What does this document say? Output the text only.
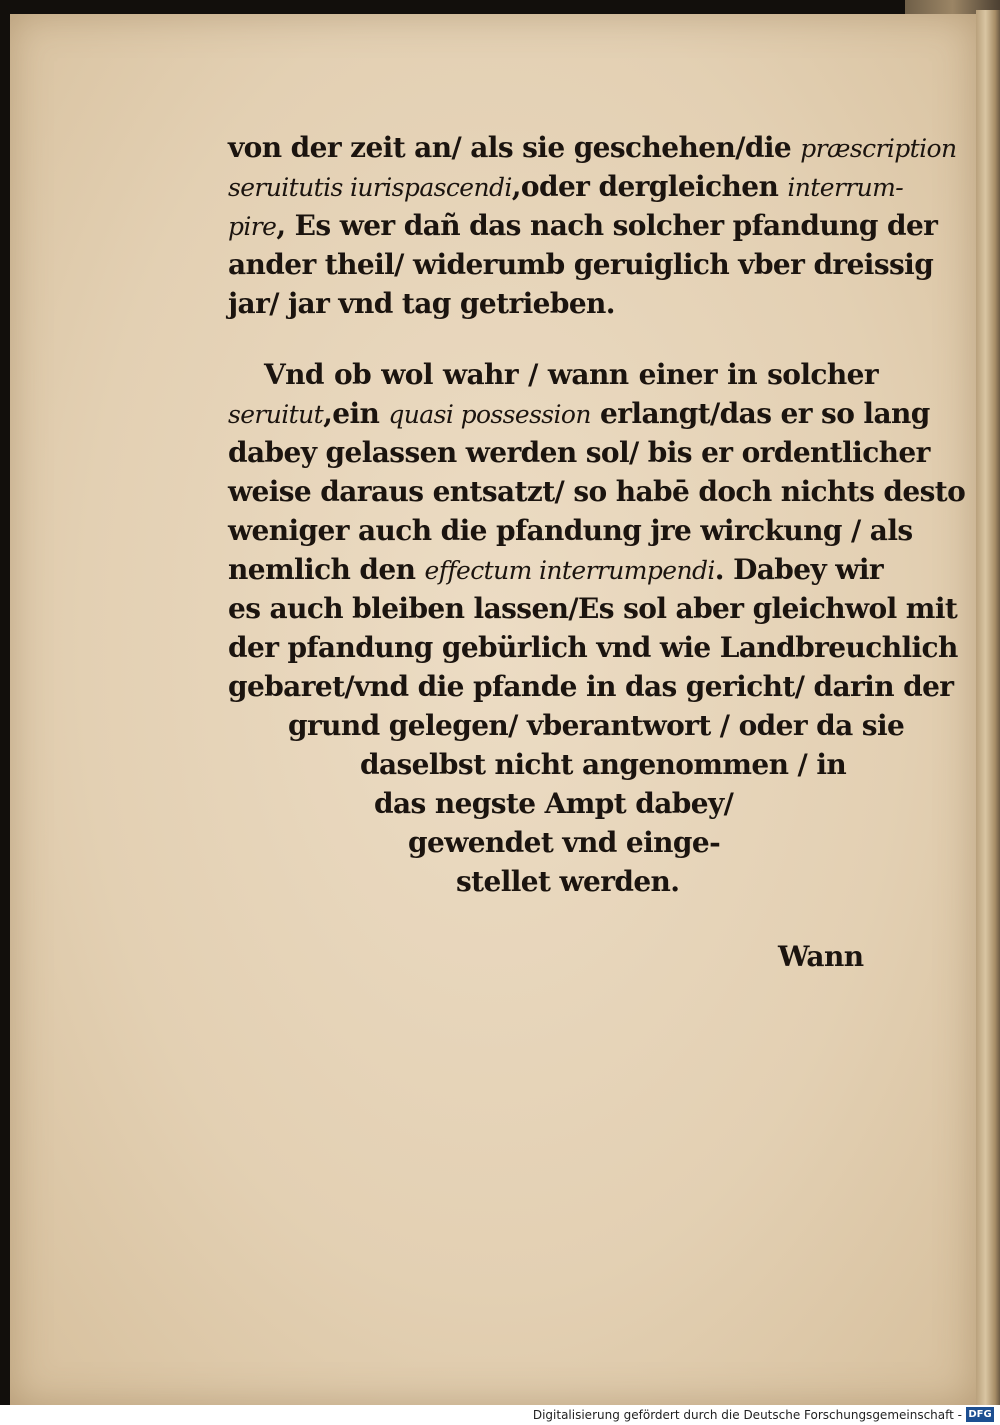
von der zeit an/ als sie geschehen/die præscription
seruitutis iurispascendi,oder dergleichen interrum-
pire, Es wer dañ das nach solcher pfandung der
ander theil/ widerumb geruiglich vber dreissig
jar/ jar vnd tag getrieben.
Vnd ob wol wahr / wann einer in solcher
seruitut,ein quasi possession erlangt/das er so lang
dabey gelassen werden sol/ bis er ordentlicher
weise daraus entsatzt/ so habē doch nichts desto
weniger auch die pfandung jre wirckung / als
nemlich den effectum interrumpendi. Dabey wir
es auch bleiben lassen/Es sol aber gleichwol mit
der pfandung gebürlich vnd wie Landbreuchlich
gebaret/vnd die pfande in das gericht/ darin der
grund gelegen/ vberantwort / oder da sie
daselbst nicht angenommen / in
das negste Ampt dabey/
gewendet vnd einge-
stellet werden.
Wann
Digitalisierung gefördert durch die Deutsche Forschungsgemeinschaft - DFG
